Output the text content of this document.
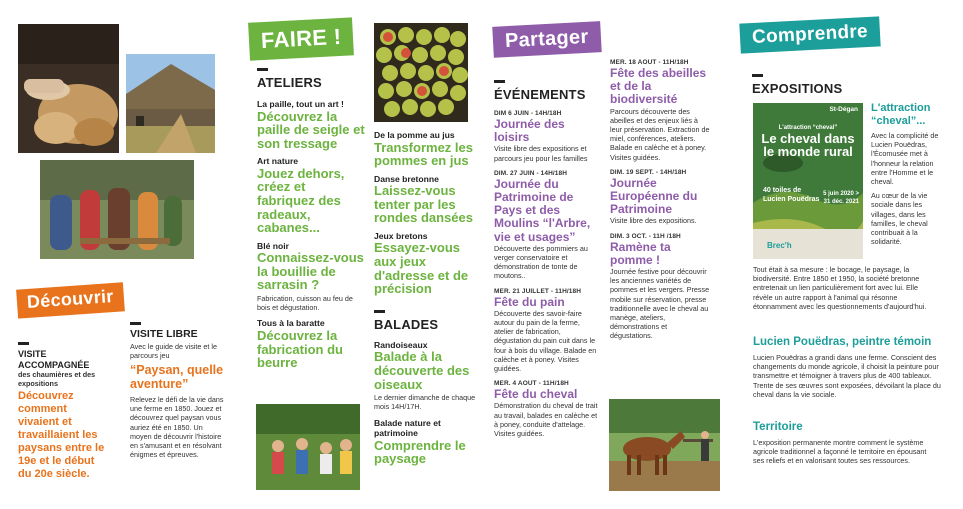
Découvrir
VISITE ACCOMPAGNÉE
des chaumières et des expositions
Découvrez comment vivaient et travaillaient les paysans entre le 19e et le début du 20e siècle.
VISITE LIBRE
Avec le guide de visite et le parcours jeu
“Paysan, quelle aventure”
Relevez le défi de la vie dans une ferme en 1850. Jouez et découvrez quel paysan vous auriez été en 1850. Un moyen de découvrir l'histoire en s'amusant et en résolvant énigmes et épreuves.
FAIRE !
ATELIERS
La paille, tout un art !
Découvrez la paille de seigle et son tressage
Art nature
Jouez dehors, créez et fabriquez des radeaux, cabanes...
Blé noir
Connaissez-vous la bouillie de sarrasin ?
Fabrication, cuisson au feu de bois et dégustation.
Tous à la baratte
Découvrez la fabrication du beurre
De la pomme au jus
Transformez les pommes en jus
Danse bretonne
Laissez-vous tenter par les rondes dansées
Jeux bretons
Essayez-vous aux jeux d'adresse et de précision
BALADES
Randoiseaux
Balade à la découverte des oiseaux
Le dernier dimanche de chaque mois 14H/17H.
Balade nature et patrimoine
Comprendre le paysage
Partager
ÉVÉNEMENTS
DIM 6 JUIN - 14H/18H
Journée des loisirs
Visite libre des expositions et parcours jeu pour les familles
DIM. 27 JUIN - 14H/18H
Journée du Patrimoine de Pays et des Moulins “l'Arbre, vie et usages”
Découverte des pommiers au verger conservatoire et démonstration de tonte de moutons..
MER. 21 JUILLET - 11H/18H
Fête du pain
Découverte des savoir-faire autour du pain de la ferme, atelier de fabrication, dégustation du pain cuit dans le four à bois du village. Balade en calèche et à poney. Visites guidées.
MER. 4 AOUT - 11H/18H
Fête du cheval
Démonstration du cheval de trait au travail, balades en calèche et à poney, conduite d'attelage. Visites guidées.
MER. 18 AOUT - 11H/18H
Fête des abeilles et de la biodiversité
Parcours découverte des abeilles et des enjeux liés à leur préservation. Extraction de miel, conférences, ateliers. Balade en calèche et à poney. Visites guidées.
DIM. 19 SEPT. - 14H/18H
Journée Européenne du Patrimoine
Visite libre des expositions.
DIM. 3 OCT. - 11H /18H
Ramène ta pomme !
Journée festive pour découvrir les anciennes variétés de pommes et les vergers. Presse mobile sur réservation, presse traditionnelle avec le cheval au manège, ateliers, démonstrations et dégustations.
Comprendre
EXPOSITIONS
St-Dégan
L'attraction “cheval”
Le cheval dans le monde rural
40 toiles de Lucien Pouëdras
5 juin 2020 > 31 déc. 2021
Brec'h
L'attraction “cheval”...
Avec la complicité de Lucien Pouëdras, l'Écomusée met à l'honneur la relation entre l'Homme et le cheval.
Au cœur de la vie sociale dans les villages, dans les familles, le cheval contribuait à la solidarité.
Tout était à sa mesure : le bocage, le paysage, la biodiversité. Entre 1850 et 1950, la société bretonne entretenait un lien particulièrement fort avec lui. Elle révèle un autre rapport à l'animal qui résonne étonnamment avec les questionnements d'aujourd'hui.
Lucien Pouëdras, peintre témoin
Lucien Pouëdras a grandi dans une ferme. Conscient des changements du monde agricole, il choisit la peinture pour transmettre et témoigner à travers plus de 400 tableaux. Trente de ses œuvres sont exposées, dévoilant la place du cheval dans la vie sociale.
Territoire
L'exposition permanente montre comment le système agricole traditionnel a façonné le territoire en épousant ses reliefs et en valorisant toutes ses ressources.
